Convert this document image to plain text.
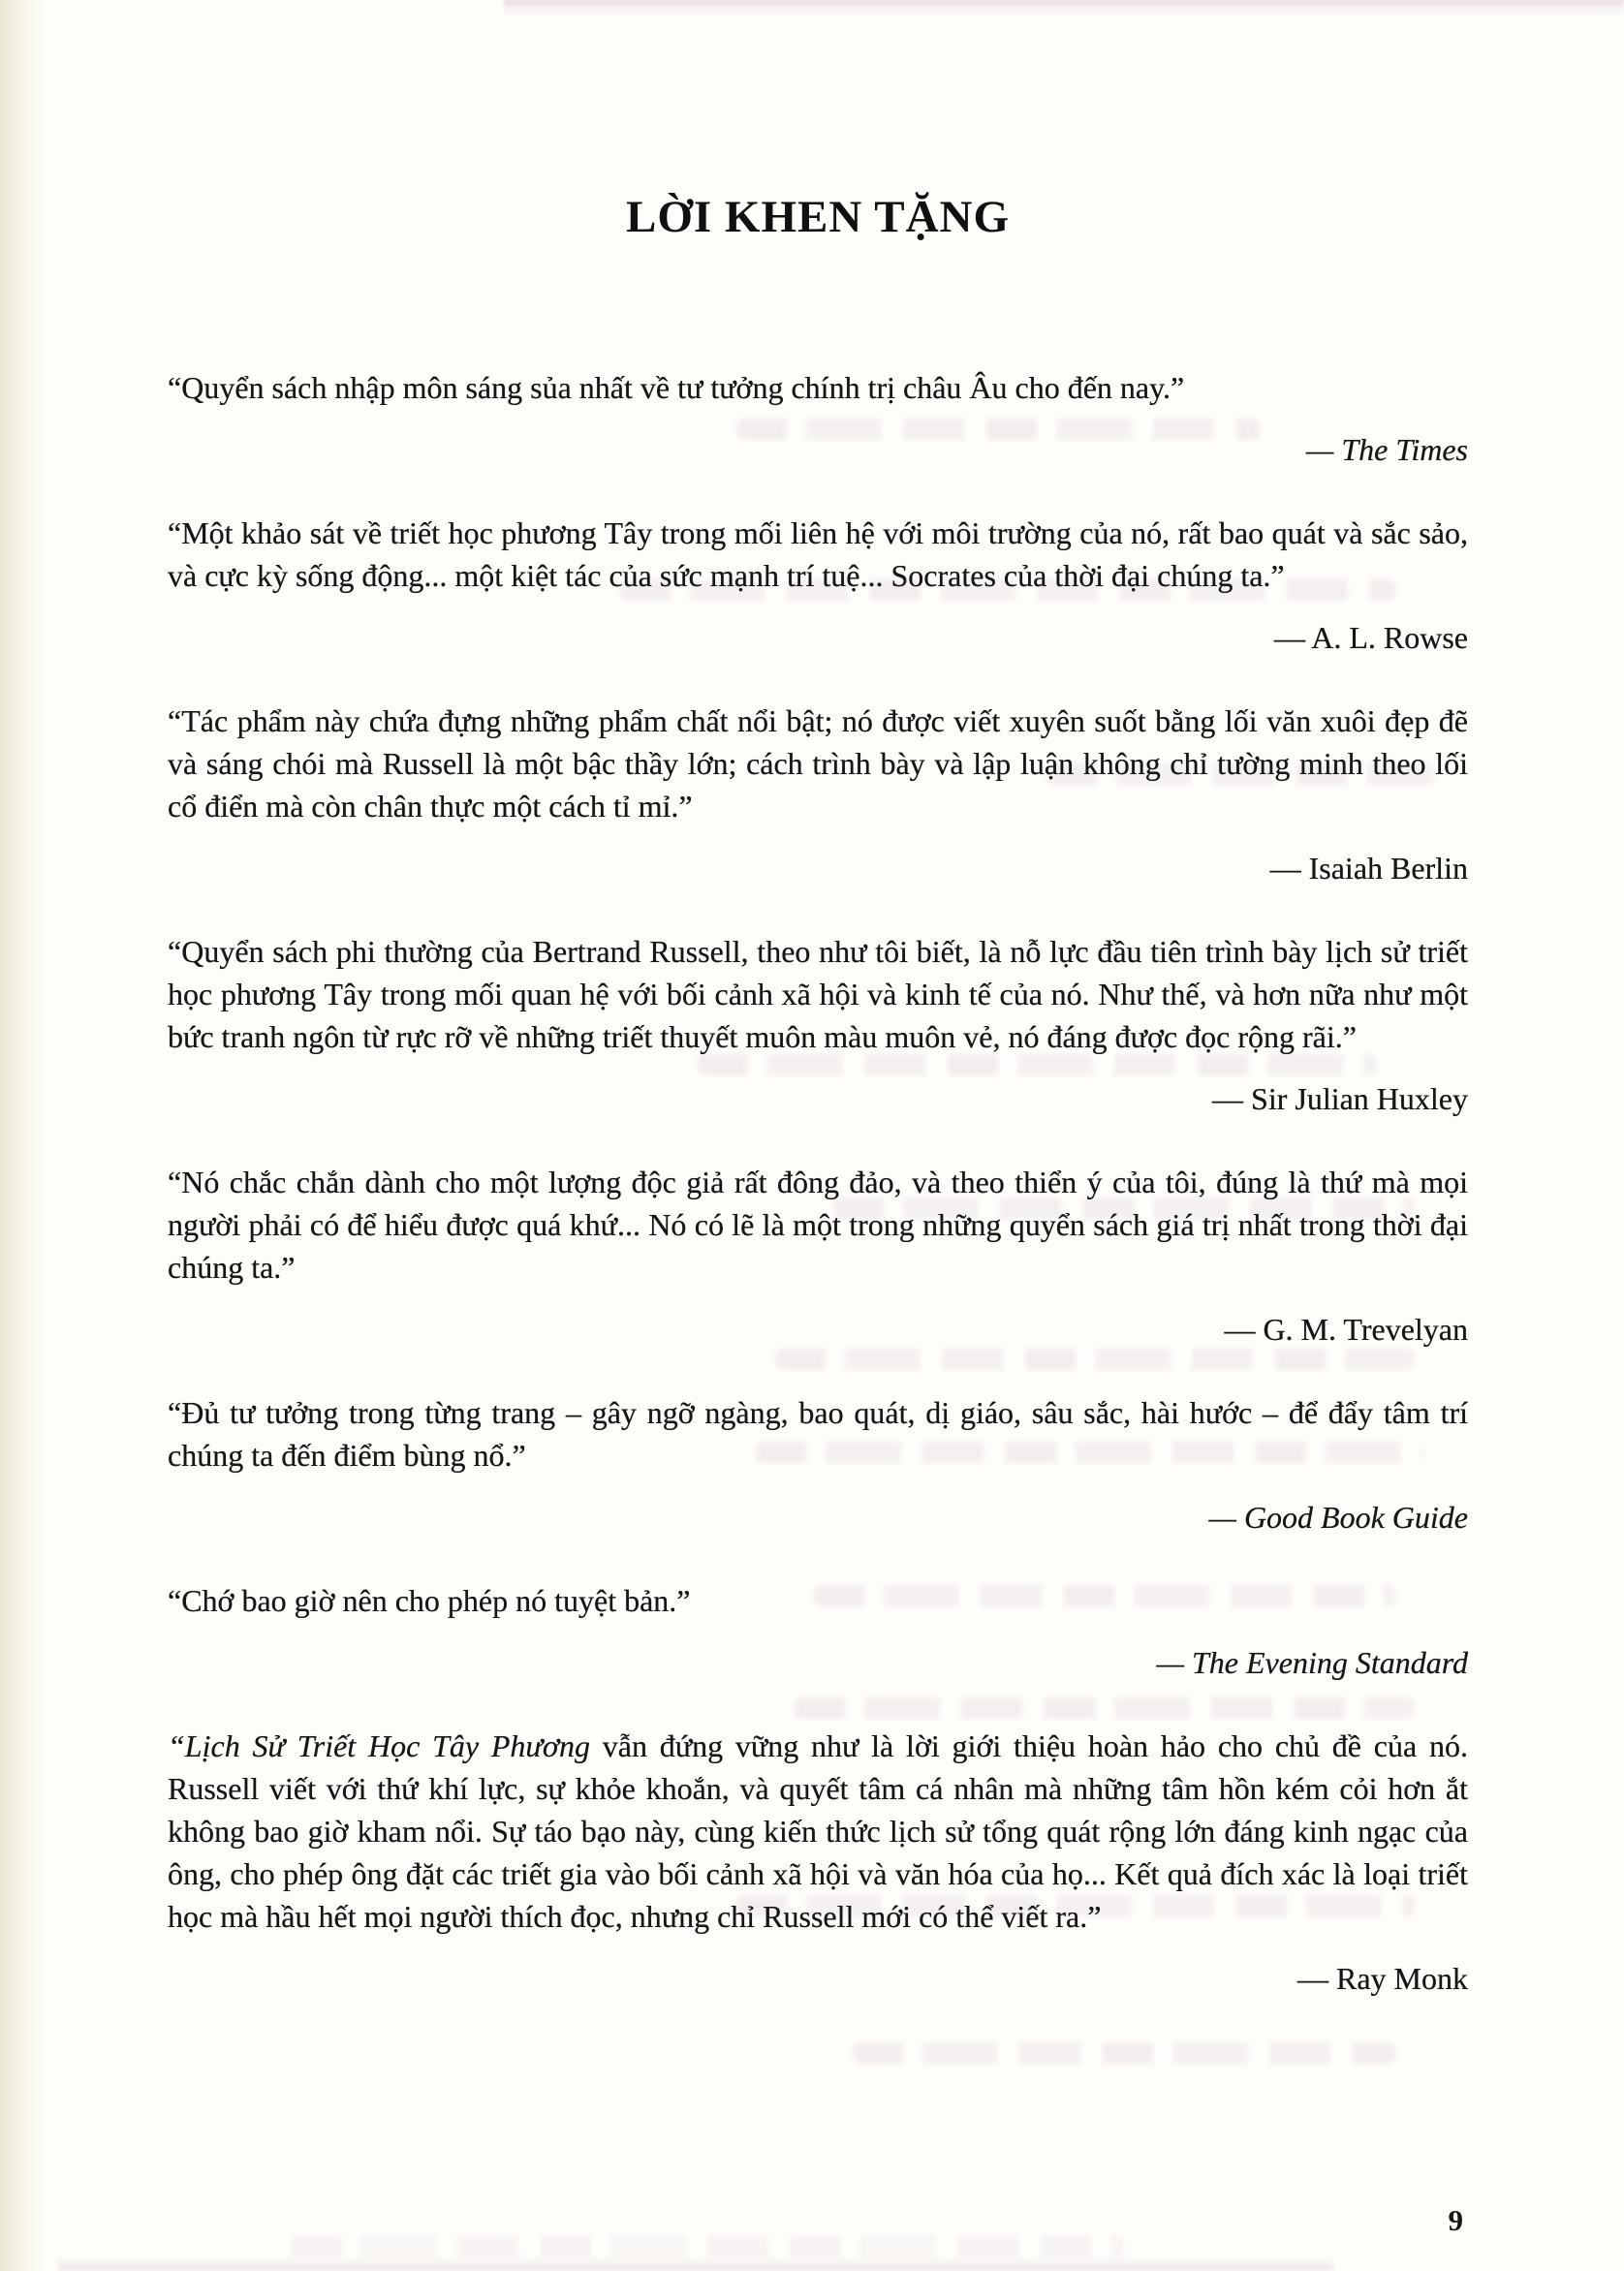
LỜI KHEN TẶNG

“Quyển sách nhập môn sáng sủa nhất về tư tưởng chính trị châu Âu cho đến nay.”

— The Times

“Một khảo sát về triết học phương Tây trong mối liên hệ với môi trường của nó, rất bao quát và sắc sảo, và cực kỳ sống động... một kiệt tác của sức mạnh trí tuệ... Socrates của thời đại chúng ta.”

— A. L. Rowse

“Tác phẩm này chứa đựng những phẩm chất nổi bật; nó được viết xuyên suốt bằng lối văn xuôi đẹp đẽ và sáng chói mà Russell là một bậc thầy lớn; cách trình bày và lập luận không chỉ tường minh theo lối cổ điển mà còn chân thực một cách tỉ mỉ.”

— Isaiah Berlin

“Quyển sách phi thường của Bertrand Russell, theo như tôi biết, là nỗ lực đầu tiên trình bày lịch sử triết học phương Tây trong mối quan hệ với bối cảnh xã hội và kinh tế của nó. Như thế, và hơn nữa như một bức tranh ngôn từ rực rỡ về những triết thuyết muôn màu muôn vẻ, nó đáng được đọc rộng rãi.”

— Sir Julian Huxley

“Nó chắc chắn dành cho một lượng độc giả rất đông đảo, và theo thiển ý của tôi, đúng là thứ mà mọi người phải có để hiểu được quá khứ... Nó có lẽ là một trong những quyển sách giá trị nhất trong thời đại chúng ta.”

— G. M. Trevelyan

“Đủ tư tưởng trong từng trang – gây ngỡ ngàng, bao quát, dị giáo, sâu sắc, hài hước – để đẩy tâm trí chúng ta đến điểm bùng nổ.”

— Good Book Guide

“Chớ bao giờ nên cho phép nó tuyệt bản.”

— The Evening Standard

“Lịch Sử Triết Học Tây Phương vẫn đứng vững như là lời giới thiệu hoàn hảo cho chủ đề của nó. Russell viết với thứ khí lực, sự khỏe khoắn, và quyết tâm cá nhân mà những tâm hồn kém cỏi hơn ắt không bao giờ kham nổi. Sự táo bạo này, cùng kiến thức lịch sử tổng quát rộng lớn đáng kinh ngạc của ông, cho phép ông đặt các triết gia vào bối cảnh xã hội và văn hóa của họ... Kết quả đích xác là loại triết học mà hầu hết mọi người thích đọc, nhưng chỉ Russell mới có thể viết ra.”

— Ray Monk

9
